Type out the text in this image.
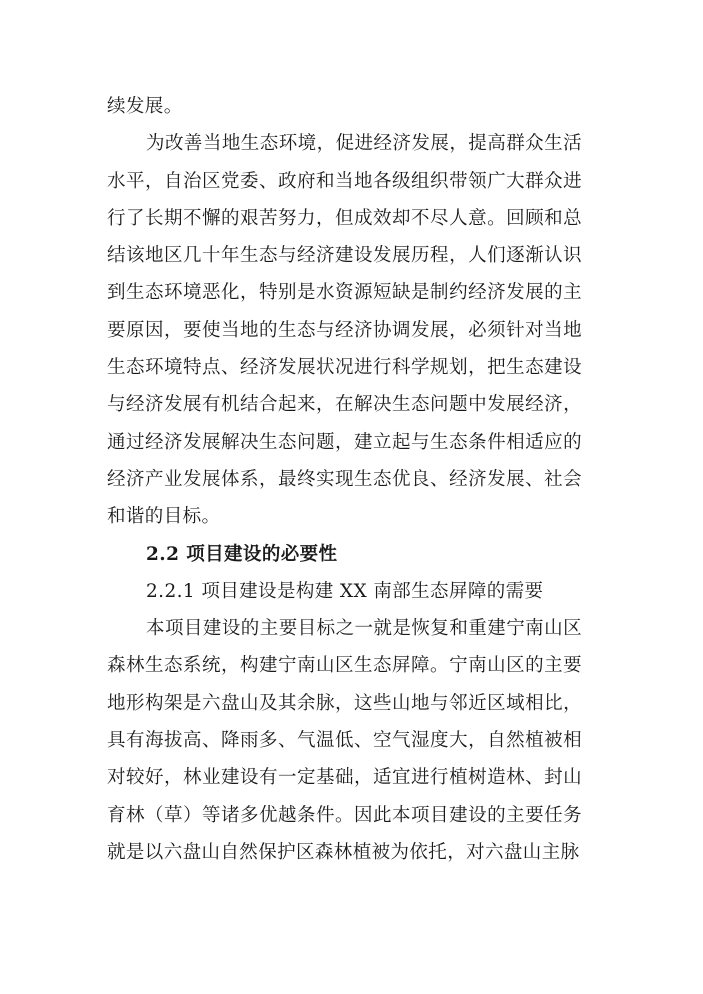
续发展。

为改善当地生态环境，促进经济发展，提高群众生活水平，自治区党委、政府和当地各级组织带领广大群众进行了长期不懈的艰苦努力，但成效却不尽人意。回顾和总结该地区几十年生态与经济建设发展历程，人们逐渐认识到生态环境恶化，特别是水资源短缺是制约经济发展的主要原因，要使当地的生态与经济协调发展，必须针对当地生态环境特点、经济发展状况进行科学规划，把生态建设与经济发展有机结合起来，在解决生态问题中发展经济，通过经济发展解决生态问题，建立起与生态条件相适应的经济产业发展体系，最终实现生态优良、经济发展、社会和谐的目标。

2.2 项目建设的必要性

2.2.1 项目建设是构建 XX 南部生态屏障的需要

本项目建设的主要目标之一就是恢复和重建宁南山区森林生态系统，构建宁南山区生态屏障。宁南山区的主要地形构架是六盘山及其余脉，这些山地与邻近区域相比，具有海拔高、降雨多、气温低、空气湿度大，自然植被相对较好，林业建设有一定基础，适宜进行植树造林、封山育林（草）等诸多优越条件。因此本项目建设的主要任务就是以六盘山自然保护区森林植被为依托，对六盘山主脉
